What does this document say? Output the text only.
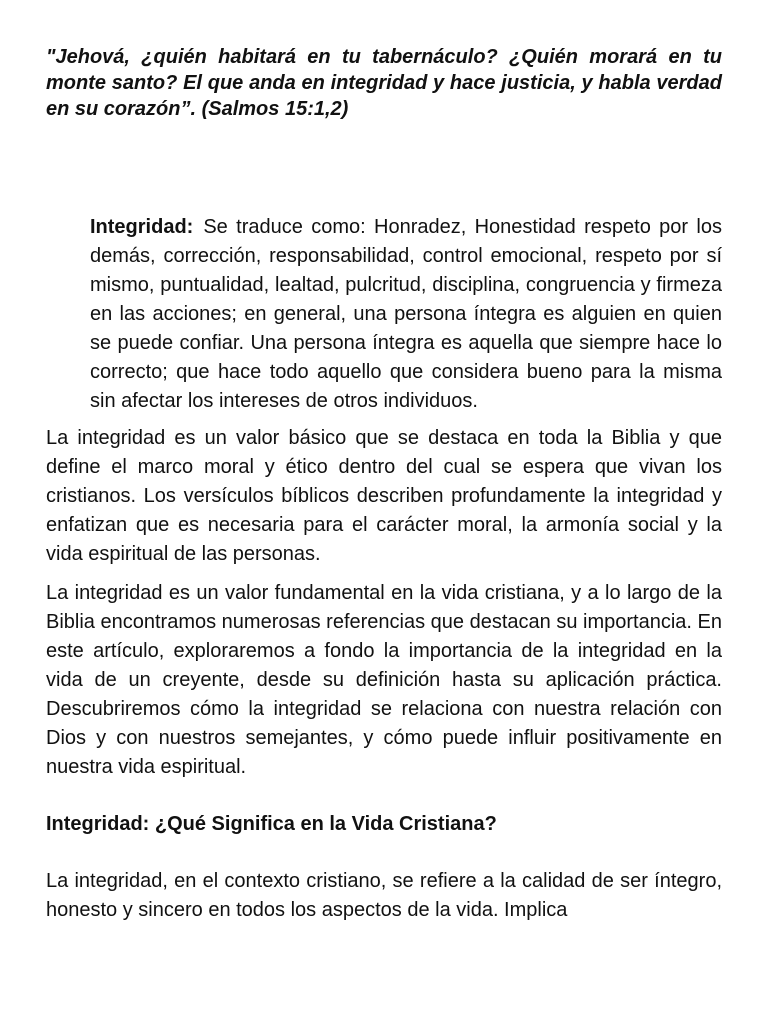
"Jehová, ¿quién habitará en tu tabernáculo? ¿Quién morará en tu monte santo? El que anda en integridad y hace justicia, y habla verdad en su corazón”. (Salmos 15:1,2)

Integridad: Se traduce como: Honradez, Honestidad respeto por los demás, corrección, responsabilidad, control emocional, respeto por sí mismo, puntualidad, lealtad, pulcritud, disciplina, congruencia y firmeza en las acciones; en general, una persona íntegra es alguien en quien se puede confiar. Una persona íntegra es aquella que siempre hace lo correcto; que hace todo aquello que considera bueno para la misma sin afectar los intereses de otros individuos.

La integridad es un valor básico que se destaca en toda la Biblia y que define el marco moral y ético dentro del cual se espera que vivan los cristianos. Los versículos bíblicos describen profundamente la integridad y enfatizan que es necesaria para el carácter moral, la armonía social y la vida espiritual de las personas.

La integridad es un valor fundamental en la vida cristiana, y a lo largo de la Biblia encontramos numerosas referencias que destacan su importancia. En este artículo, exploraremos a fondo la importancia de la integridad en la vida de un creyente, desde su definición hasta su aplicación práctica. Descubriremos cómo la integridad se relaciona con nuestra relación con Dios y con nuestros semejantes, y cómo puede influir positivamente en nuestra vida espiritual.

Integridad: ¿Qué Significa en la Vida Cristiana?

La integridad, en el contexto cristiano, se refiere a la calidad de ser íntegro, honesto y sincero en todos los aspectos de la vida. Implica
